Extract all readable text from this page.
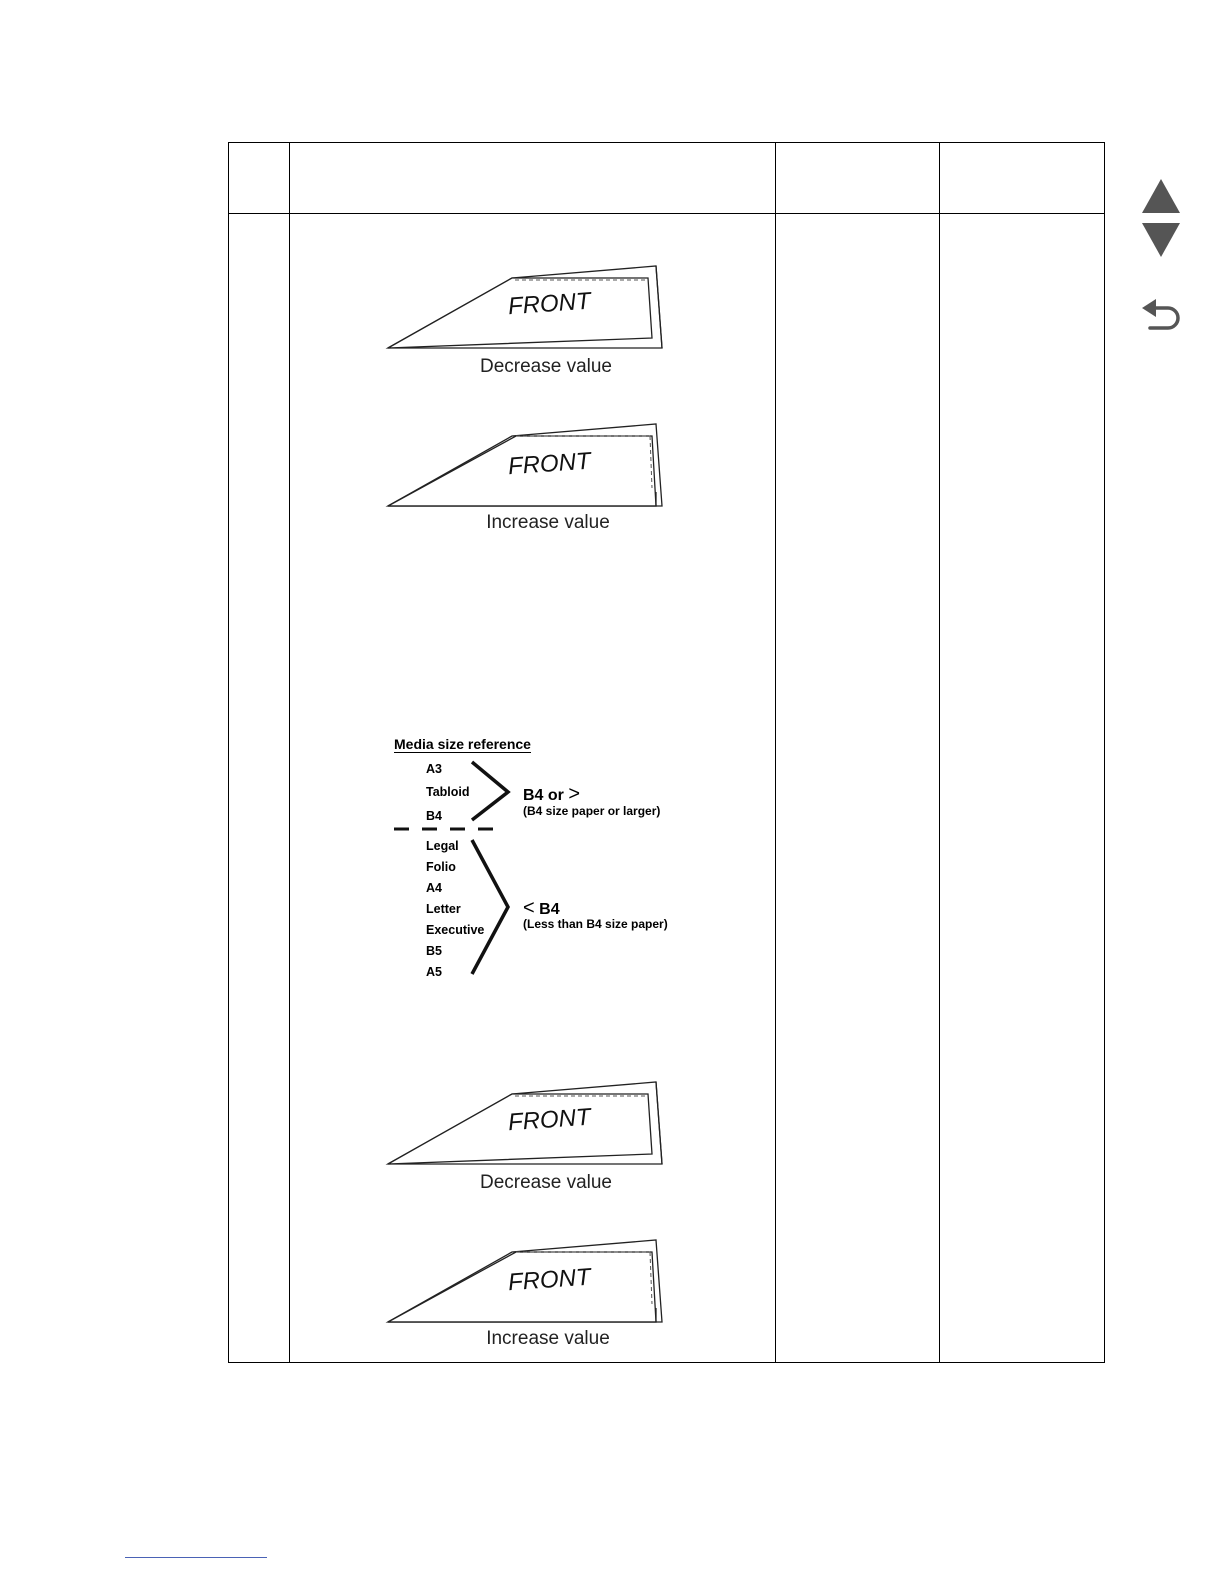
FRONT
Decrease value
FRONT
Increase value
Media size reference
A3
Tabloid
B4
B4 or >
(B4 size paper or larger)
Legal
Folio
A4
Letter
Executive
B5
A5
< B4
(Less than B4 size paper)
FRONT
Decrease value
FRONT
Increase value
